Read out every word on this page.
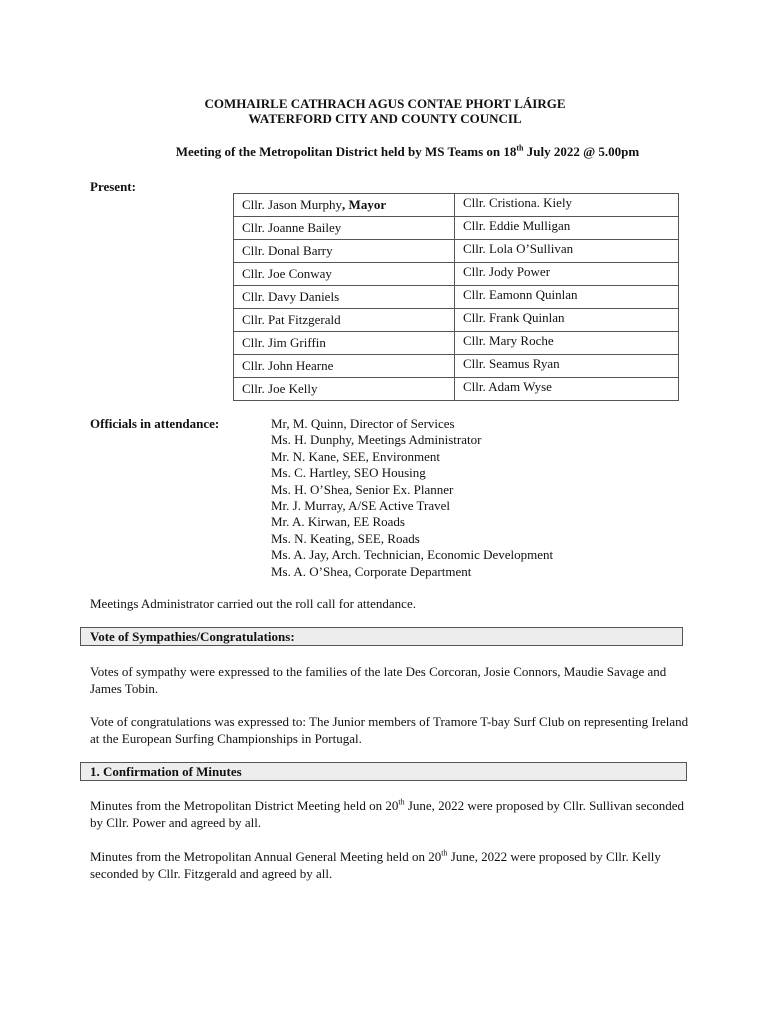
COMHAIRLE CATHRACH AGUS CONTAE PHORT LÁIRGE
WATERFORD CITY AND COUNTY COUNCIL
Meeting of the Metropolitan District held by MS Teams on 18th July 2022 @ 5.00pm
Present:
Cllr. Jason Murphy, Mayor	Cllr. Cristiona. Kiely
Cllr. Joanne Bailey	Cllr. Eddie Mulligan
Cllr. Donal Barry	Cllr. Lola O’Sullivan
Cllr. Joe Conway	Cllr. Jody Power
Cllr. Davy Daniels	Cllr. Eamonn Quinlan
Cllr. Pat Fitzgerald	Cllr. Frank Quinlan
Cllr. Jim Griffin	Cllr. Mary Roche
Cllr. John Hearne	Cllr. Seamus Ryan
Cllr. Joe Kelly	Cllr. Adam Wyse
Officials in attendance:	Mr, M. Quinn, Director of Services
Ms. H. Dunphy, Meetings Administrator
Mr. N. Kane, SEE, Environment
Ms. C. Hartley, SEO Housing
Ms. H. O’Shea, Senior Ex. Planner
Mr. J. Murray, A/SE Active Travel
Mr. A. Kirwan, EE Roads
Ms. N. Keating, SEE, Roads
Ms. A. Jay, Arch. Technician, Economic Development
Ms. A. O’Shea, Corporate Department

Meetings Administrator carried out the roll call for attendance.

Vote of Sympathies/Congratulations:

Votes of sympathy were expressed to the families of the late Des Corcoran, Josie Connors, Maudie Savage and James Tobin.

Vote of congratulations was expressed to: The Junior members of Tramore T-bay Surf Club on representing Ireland at the European Surfing Championships in Portugal.

1. Confirmation of Minutes

Minutes from the Metropolitan District Meeting held on 20th June, 2022 were proposed by Cllr. Sullivan seconded by Cllr. Power and agreed by all.

Minutes from the Metropolitan Annual General Meeting held on 20th June, 2022 were proposed by Cllr. Kelly seconded by Cllr. Fitzgerald and agreed by all.
